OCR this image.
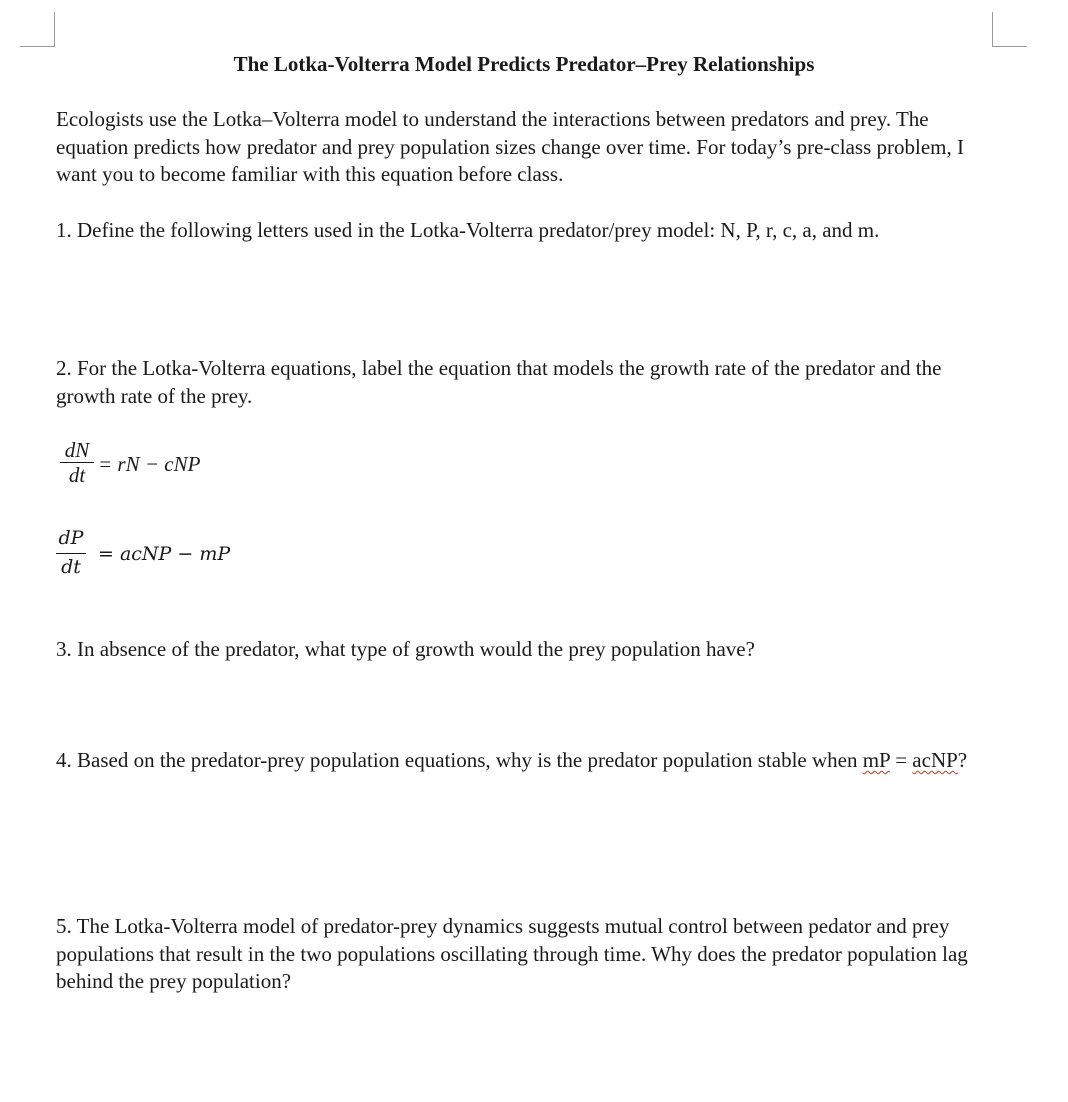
The Lotka-Volterra Model Predicts Predator–Prey Relationships

Ecologists use the Lotka–Volterra model to understand the interactions between predators and prey. The equation predicts how predator and prey population sizes change over time. For today’s pre-class problem, I want you to become familiar with this equation before class.

1. Define the following letters used in the Lotka-Volterra predator/prey model: N, P, r, c, a, and m.

2. For the Lotka-Volterra equations, label the equation that models the growth rate of the predator and the growth rate of the prey.

dN
dt = rN − cNP
dP
dt
= acNP − mP

3. In absence of the predator, what type of growth would the prey population have?

4. Based on the predator-prey population equations, why is the predator population stable when mP = acNP?

5. The Lotka-Volterra model of predator-prey dynamics suggests mutual control between pedator and prey populations that result in the two populations oscillating through time. Why does the predator population lag behind the prey population?
